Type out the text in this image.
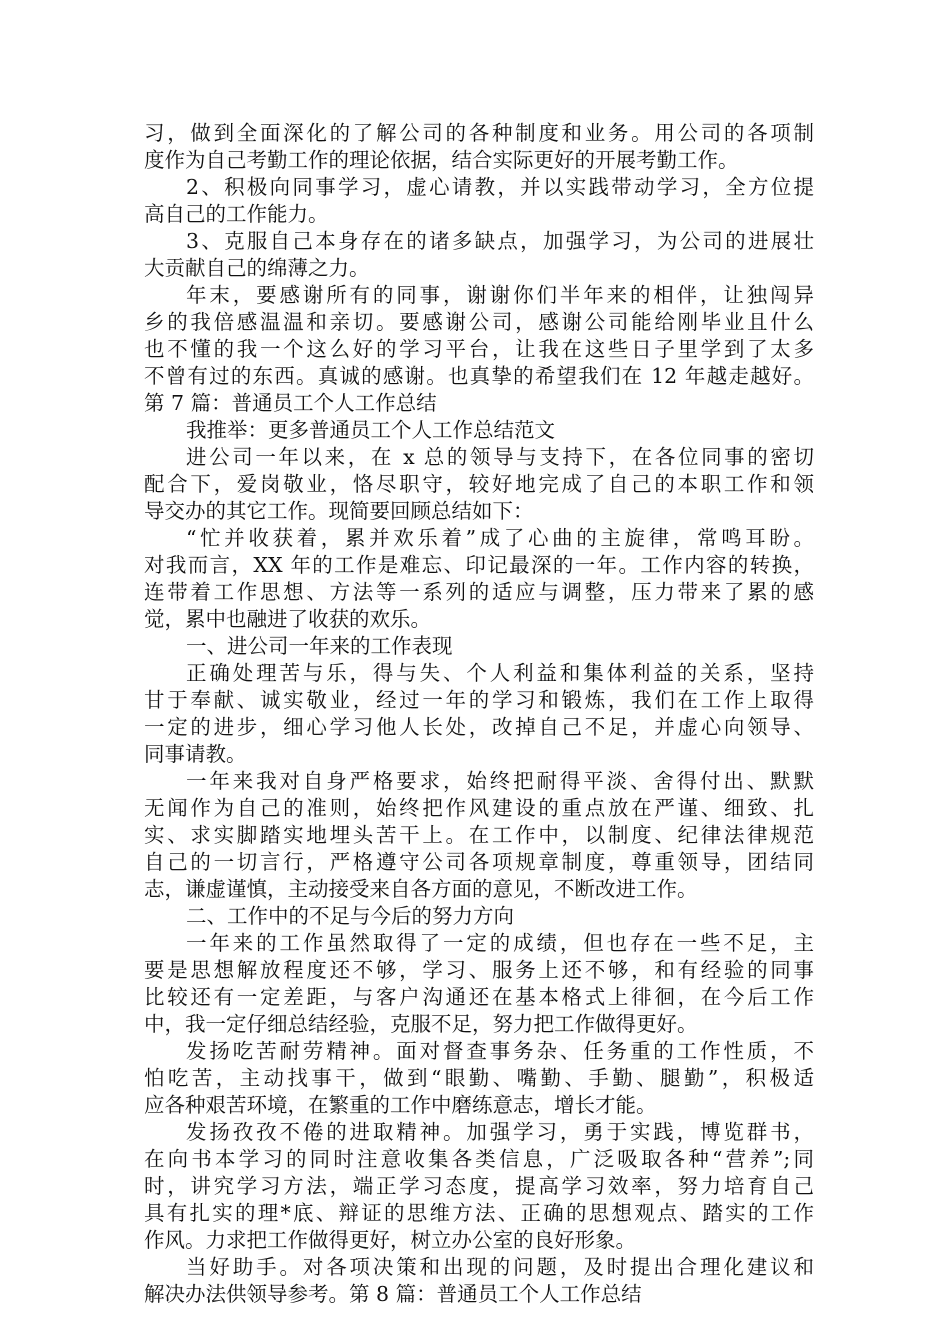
习，做到全面深化的了解公司的各种制度和业务。用公司的各项制
度作为自己考勤工作的理论依据，结合实际更好的开展考勤工作。
2、积极向同事学习，虚心请教，并以实践带动学习，全方位提
高自己的工作能力。
3、克服自己本身存在的诸多缺点，加强学习，为公司的进展壮
大贡献自己的绵薄之力。
年末，要感谢所有的同事，谢谢你们半年来的相伴，让独闯异
乡的我倍感温温和亲切。要感谢公司，感谢公司能给刚毕业且什么
也不懂的我一个这么好的学习平台，让我在这些日子里学到了太多
不曾有过的东西。真诚的感谢。也真挚的希望我们在 12 年越走越好。
第 7 篇：普通员工个人工作总结
我推举：更多普通员工个人工作总结范文
进公司一年以来，在 x 总的领导与支持下，在各位同事的密切
配合下，爱岗敬业，恪尽职守，较好地完成了自己的本职工作和领
导交办的其它工作。现简要回顾总结如下：
“忙并收获着，累并欢乐着”成了心曲的主旋律，常鸣耳盼。
对我而言，XX 年的工作是难忘、印记最深的一年。工作内容的转换，
连带着工作思想、方法等一系列的适应与调整，压力带来了累的感
觉，累中也融进了收获的欢乐。
一、进公司一年来的工作表现
正确处理苦与乐，得与失、个人利益和集体利益的关系，坚持
甘于奉献、诚实敬业，经过一年的学习和锻炼，我们在工作上取得
一定的进步，细心学习他人长处，改掉自己不足，并虚心向领导、
同事请教。
一年来我对自身严格要求，始终把耐得平淡、舍得付出、默默
无闻作为自己的准则，始终把作风建设的重点放在严谨、细致、扎
实、求实脚踏实地埋头苦干上。在工作中，以制度、纪律法律规范
自己的一切言行，严格遵守公司各项规章制度，尊重领导，团结同
志，谦虚谨慎，主动接受来自各方面的意见，不断改进工作。
二、工作中的不足与今后的努力方向
一年来的工作虽然取得了一定的成绩，但也存在一些不足，主
要是思想解放程度还不够，学习、服务上还不够，和有经验的同事
比较还有一定差距，与客户沟通还在基本格式上徘徊，在今后工作
中，我一定仔细总结经验，克服不足，努力把工作做得更好。
发扬吃苦耐劳精神。面对督查事务杂、任务重的工作性质，不
怕吃苦，主动找事干，做到“眼勤、嘴勤、手勤、腿勤”，积极适
应各种艰苦环境，在繁重的工作中磨练意志，增长才能。
发扬孜孜不倦的进取精神。加强学习，勇于实践，博览群书，
在向书本学习的同时注意收集各类信息，广泛吸取各种“营养”;同
时，讲究学习方法，端正学习态度，提高学习效率，努力培育自己
具有扎实的理*底、辩证的思维方法、正确的思想观点、踏实的工作
作风。力求把工作做得更好，树立办公室的良好形象。
当好助手。对各项决策和出现的问题，及时提出合理化建议和
解决办法供领导参考。第 8 篇：普通员工个人工作总结
